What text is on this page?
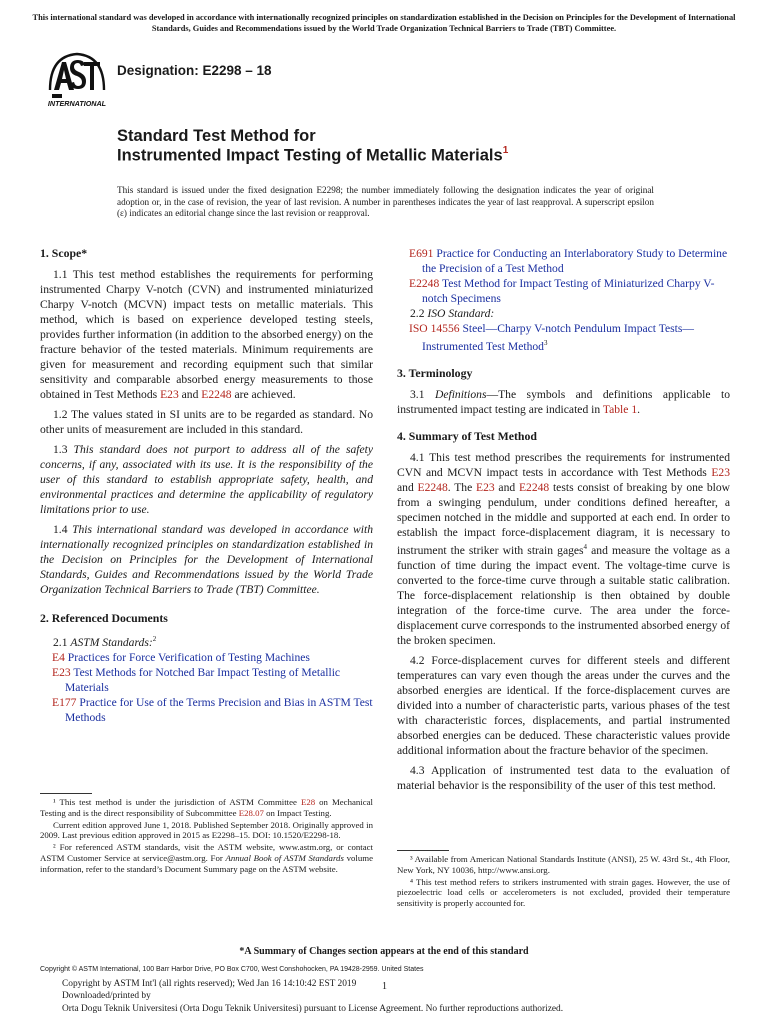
This international standard was developed in accordance with internationally recognized principles on standardization established in the Decision on Principles for the Development of International Standards, Guides and Recommendations issued by the World Trade Organization Technical Barriers to Trade (TBT) Committee.
INTERNATIONAL
Designation: E2298 – 18
Standard Test Method for
Instrumented Impact Testing of Metallic Materials$^1$
This standard is issued under the fixed designation E2298; the number immediately following the designation indicates the year of original adoption or, in the case of revision, the year of last revision. A number in parentheses indicates the year of last reapproval. A superscript epsilon (ε) indicates an editorial change since the last revision or reapproval.
1. Scope*

1.1 This test method establishes the requirements for performing instrumented Charpy V-notch (CVN) and instrumented miniaturized Charpy V-notch (MCVN) impact tests on metallic materials. This method, which is based on experience developed testing steels, provides further information (in addition to the absorbed energy) on the fracture behavior of the tested materials. Minimum requirements are given for measurement and recording equipment such that similar sensitivity and comparable absorbed energy measurements to those obtained in Test Methods E23 and E2248 are achieved.

1.2 The values stated in SI units are to be regarded as standard. No other units of measurement are included in this standard.

1.3 This standard does not purport to address all of the safety concerns, if any, associated with its use. It is the responsibility of the user of this standard to establish appropriate safety, health, and environmental practices and determine the applicability of regulatory limitations prior to use.

1.4 This international standard was developed in accordance with internationally recognized principles on standardization established in the Decision on Principles for the Development of International Standards, Guides and Recommendations issued by the World Trade Organization Technical Barriers to Trade (TBT) Committee.

2. Referenced Documents

2.1 ASTM Standards:$^2$

E4 Practices for Force Verification of Testing Machines

E23 Test Methods for Notched Bar Impact Testing of Metallic Materials

E177 Practice for Use of the Terms Precision and Bias in ASTM Test Methods

¹ This test method is under the jurisdiction of ASTM Committee E28 on Mechanical Testing and is the direct responsibility of Subcommittee E28.07 on Impact Testing.

Current edition approved June 1, 2018. Published September 2018. Originally approved in 2009. Last previous edition approved in 2015 as E2298–15. DOI: 10.1520/E2298-18.

² For referenced ASTM standards, visit the ASTM website, www.astm.org, or contact ASTM Customer Service at service@astm.org. For Annual Book of ASTM Standards volume information, refer to the standard’s Document Summary page on the ASTM website.

E691 Practice for Conducting an Interlaboratory Study to Determine the Precision of a Test Method

E2248 Test Method for Impact Testing of Miniaturized Charpy V-notch Specimens

2.2 ISO Standard:

ISO 14556 Steel—Charpy V-notch Pendulum Impact Tests—Instrumented Test Method$^3$

3. Terminology

3.1 Definitions—The symbols and definitions applicable to instrumented impact testing are indicated in Table 1.

4. Summary of Test Method

4.1 This test method prescribes the requirements for instrumented CVN and MCVN impact tests in accordance with Test Methods E23 and E2248. The E23 and E2248 tests consist of breaking by one blow from a swinging pendulum, under conditions defined hereafter, a specimen notched in the middle and supported at each end. In order to establish the impact force-displacement diagram, it is necessary to instrument the striker with strain gages$^4$ and measure the voltage as a function of time during the impact event. The voltage-time curve is converted to the force-time curve through a suitable static calibration. The force-displacement relationship is then obtained by double integration of the force-time curve. The area under the force-displacement curve corresponds to the instrumented absorbed energy of the broken specimen.

4.2 Force-displacement curves for different steels and different temperatures can vary even though the areas under the curves and the absorbed energies are identical. If the force-displacement curves are divided into a number of characteristic parts, various phases of the test with characteristic forces, displacements, and partial instrumented absorbed energies can be deduced. These characteristic values provide additional information about the fracture behavior of the specimen.

4.3 Application of instrumented test data to the evaluation of material behavior is the responsibility of the user of this test method.

³ Available from American National Standards Institute (ANSI), 25 W. 43rd St., 4th Floor, New York, NY 10036, http://www.ansi.org.

⁴ This test method refers to strikers instrumented with strain gages. However, the use of piezoelectric load cells or accelerometers is not excluded, provided their temperature sensitivity is properly accounted for.

*A Summary of Changes section appears at the end of this standard
Copyright © ASTM International, 100 Barr Harbor Drive, PO Box C700, West Conshohocken, PA 19428-2959. United States
Copyright by ASTM Int'l (all rights reserved); Wed Jan 16 14:10:42 EST 2019
Downloaded/printed by
Orta Dogu Teknik Universitesi (Orta Dogu Teknik Universitesi) pursuant to License Agreement. No further reproductions authorized.
1
